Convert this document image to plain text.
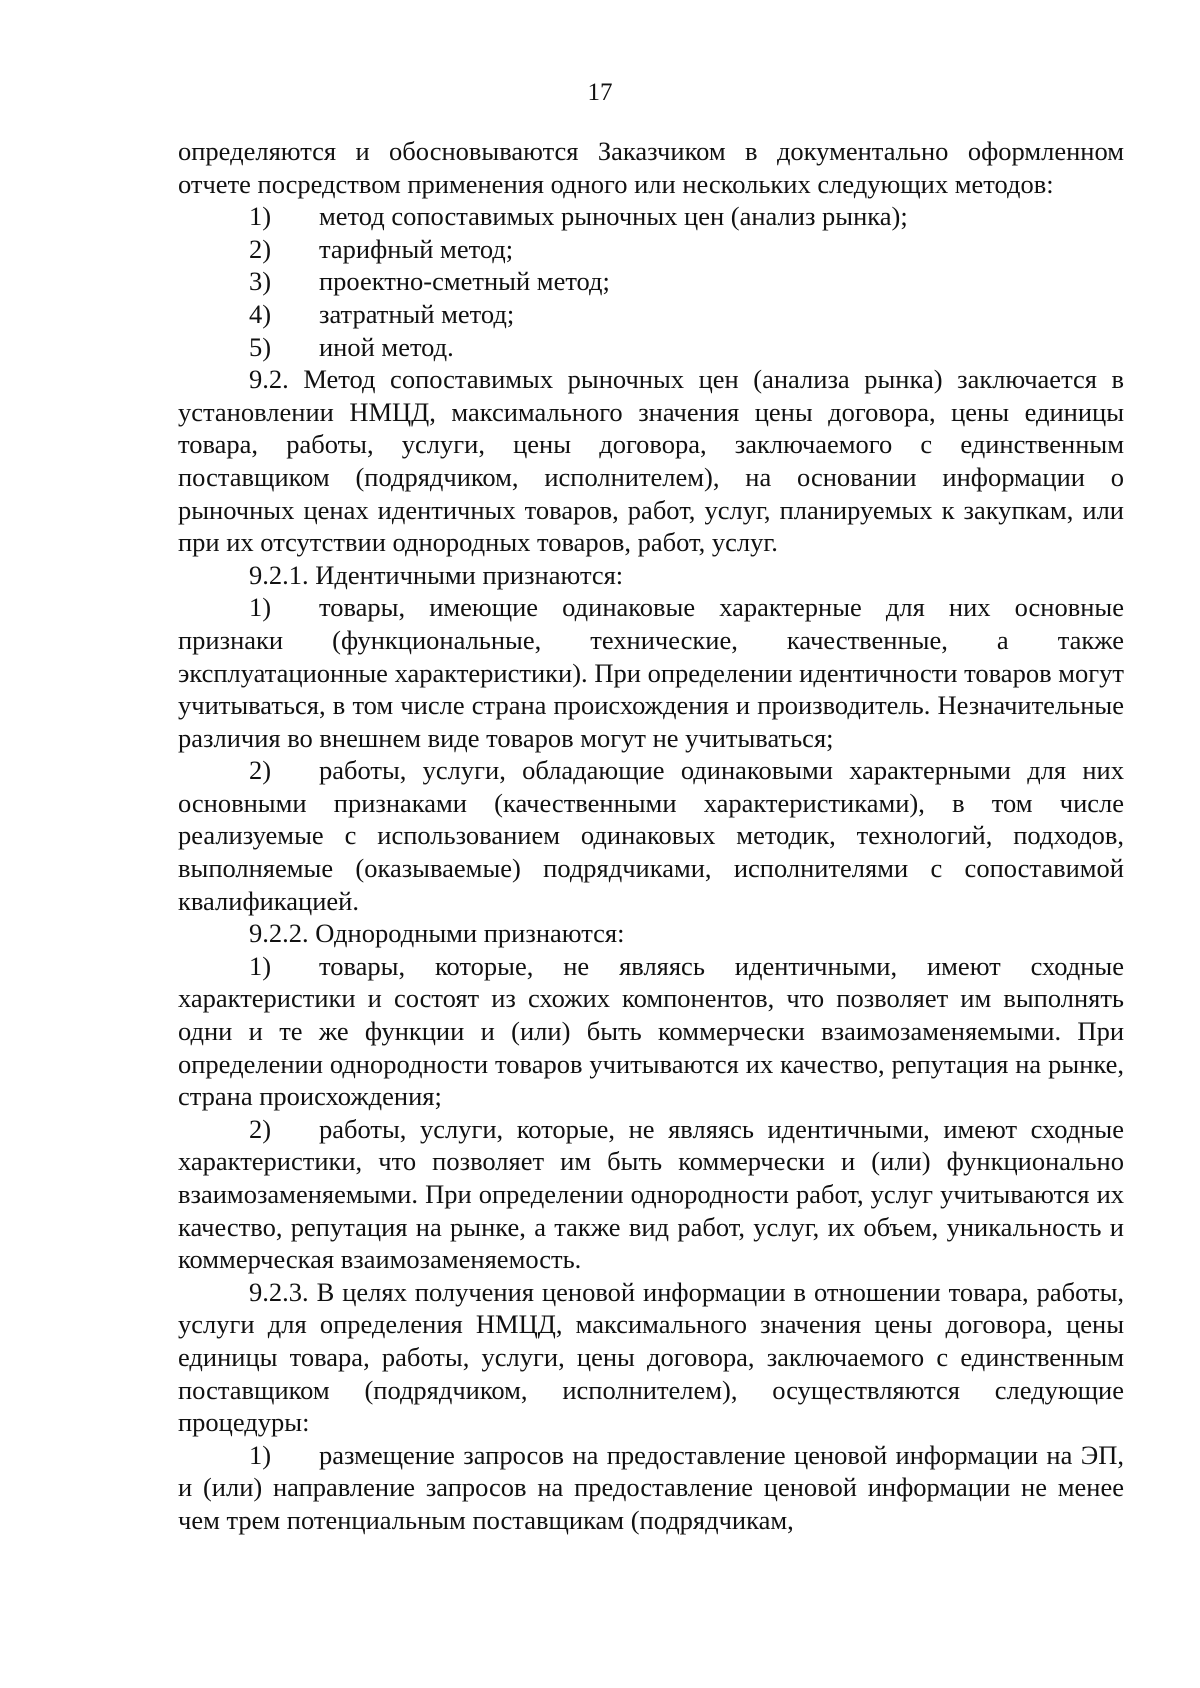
17

определяются и обосновываются Заказчиком в документально оформленном отчете посредством применения одного или нескольких следующих методов:

1) метод сопоставимых рыночных цен (анализ рынка);

2) тарифный метод;

3) проектно-сметный метод;

4) затратный метод;

5) иной метод.

9.2. Метод сопоставимых рыночных цен (анализа рынка) заключается в установлении НМЦД, максимального значения цены договора, цены единицы товара, работы, услуги, цены договора, заключаемого с единственным поставщиком (подрядчиком, исполнителем), на основании информации о рыночных ценах идентичных товаров, работ, услуг, планируемых к закупкам, или при их отсутствии однородных товаров, работ, услуг.

9.2.1. Идентичными признаются:

1) товары, имеющие одинаковые характерные для них основные признаки (функциональные, технические, качественные, а также эксплуатационные характеристики). При определении идентичности товаров могут учитываться, в том числе страна происхождения и производитель. Незначительные различия во внешнем виде товаров могут не учитываться;

2) работы, услуги, обладающие одинаковыми характерными для них основными признаками (качественными характеристиками), в том числе реализуемые с использованием одинаковых методик, технологий, подходов, выполняемые (оказываемые) подрядчиками, исполнителями с сопоставимой квалификацией.

9.2.2. Однородными признаются:

1) товары, которые, не являясь идентичными, имеют сходные характеристики и состоят из схожих компонентов, что позволяет им выполнять одни и те же функции и (или) быть коммерчески взаимозаменяемыми. При определении однородности товаров учитываются их качество, репутация на рынке, страна происхождения;

2) работы, услуги, которые, не являясь идентичными, имеют сходные характеристики, что позволяет им быть коммерчески и (или) функционально взаимозаменяемыми. При определении однородности работ, услуг учитываются их качество, репутация на рынке, а также вид работ, услуг, их объем, уникальность и коммерческая взаимозаменяемость.

9.2.3. В целях получения ценовой информации в отношении товара, работы, услуги для определения НМЦД, максимального значения цены договора, цены единицы товара, работы, услуги, цены договора, заключаемого с единственным поставщиком (подрядчиком, исполнителем), осуществляются следующие процедуры:

1) размещение запросов на предоставление ценовой информации на ЭП, и (или) направление запросов на предоставление ценовой информации не менее чем трем потенциальным поставщикам (подрядчикам,
